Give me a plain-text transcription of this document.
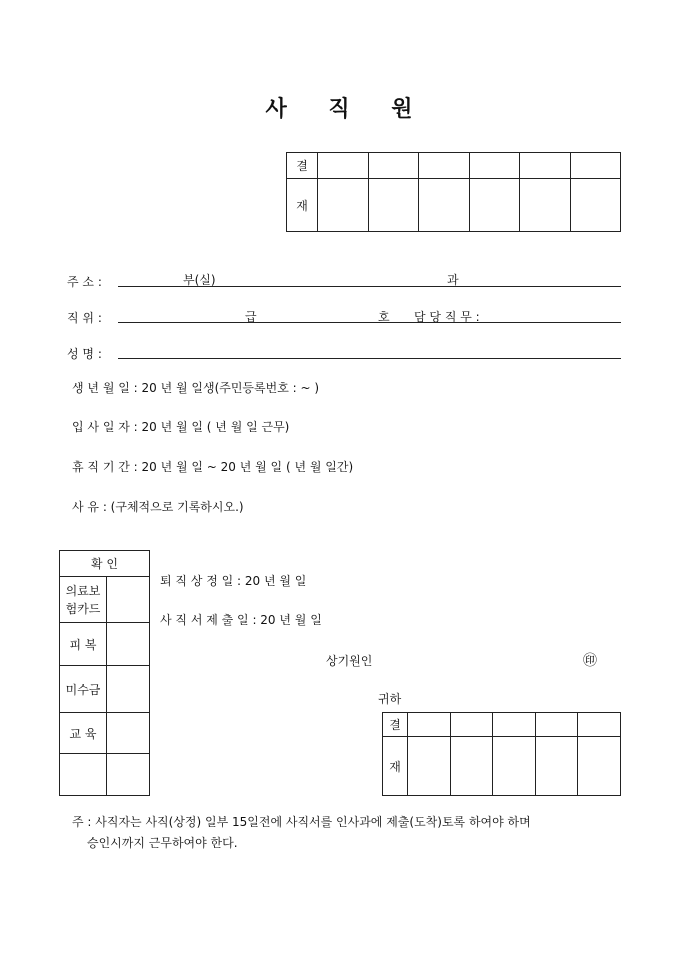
사 직 원
결						
재						
주 소 :	부(실)	과
직 위 :	급	호 담 당 직 무 :
성 명 :
생 년 월 일 : 20 년 월 일생(주민등록번호 : ~ )
입 사 일 자 : 20 년 월 일 ( 년 월 일 근무)
휴 직 기 간 : 20 년 월 일 ~ 20 년 월 일 ( 년 월 일간)
사 유 : (구체적으로 기록하시오.)
확 인	
의료보
험카드	
피 복	
미수금	
교 육	

퇴 직 상 정 일 : 20 년 월 일
사 직 서 제 출 일 : 20 년 월 일
상기원인	㊞
귀하
결					
재					
주 : 사직자는 사직(상정) 일부 15일전에 사직서를 인사과에 제출(도착)토록 하여야 하며
승인시까지 근무하여야 한다.
